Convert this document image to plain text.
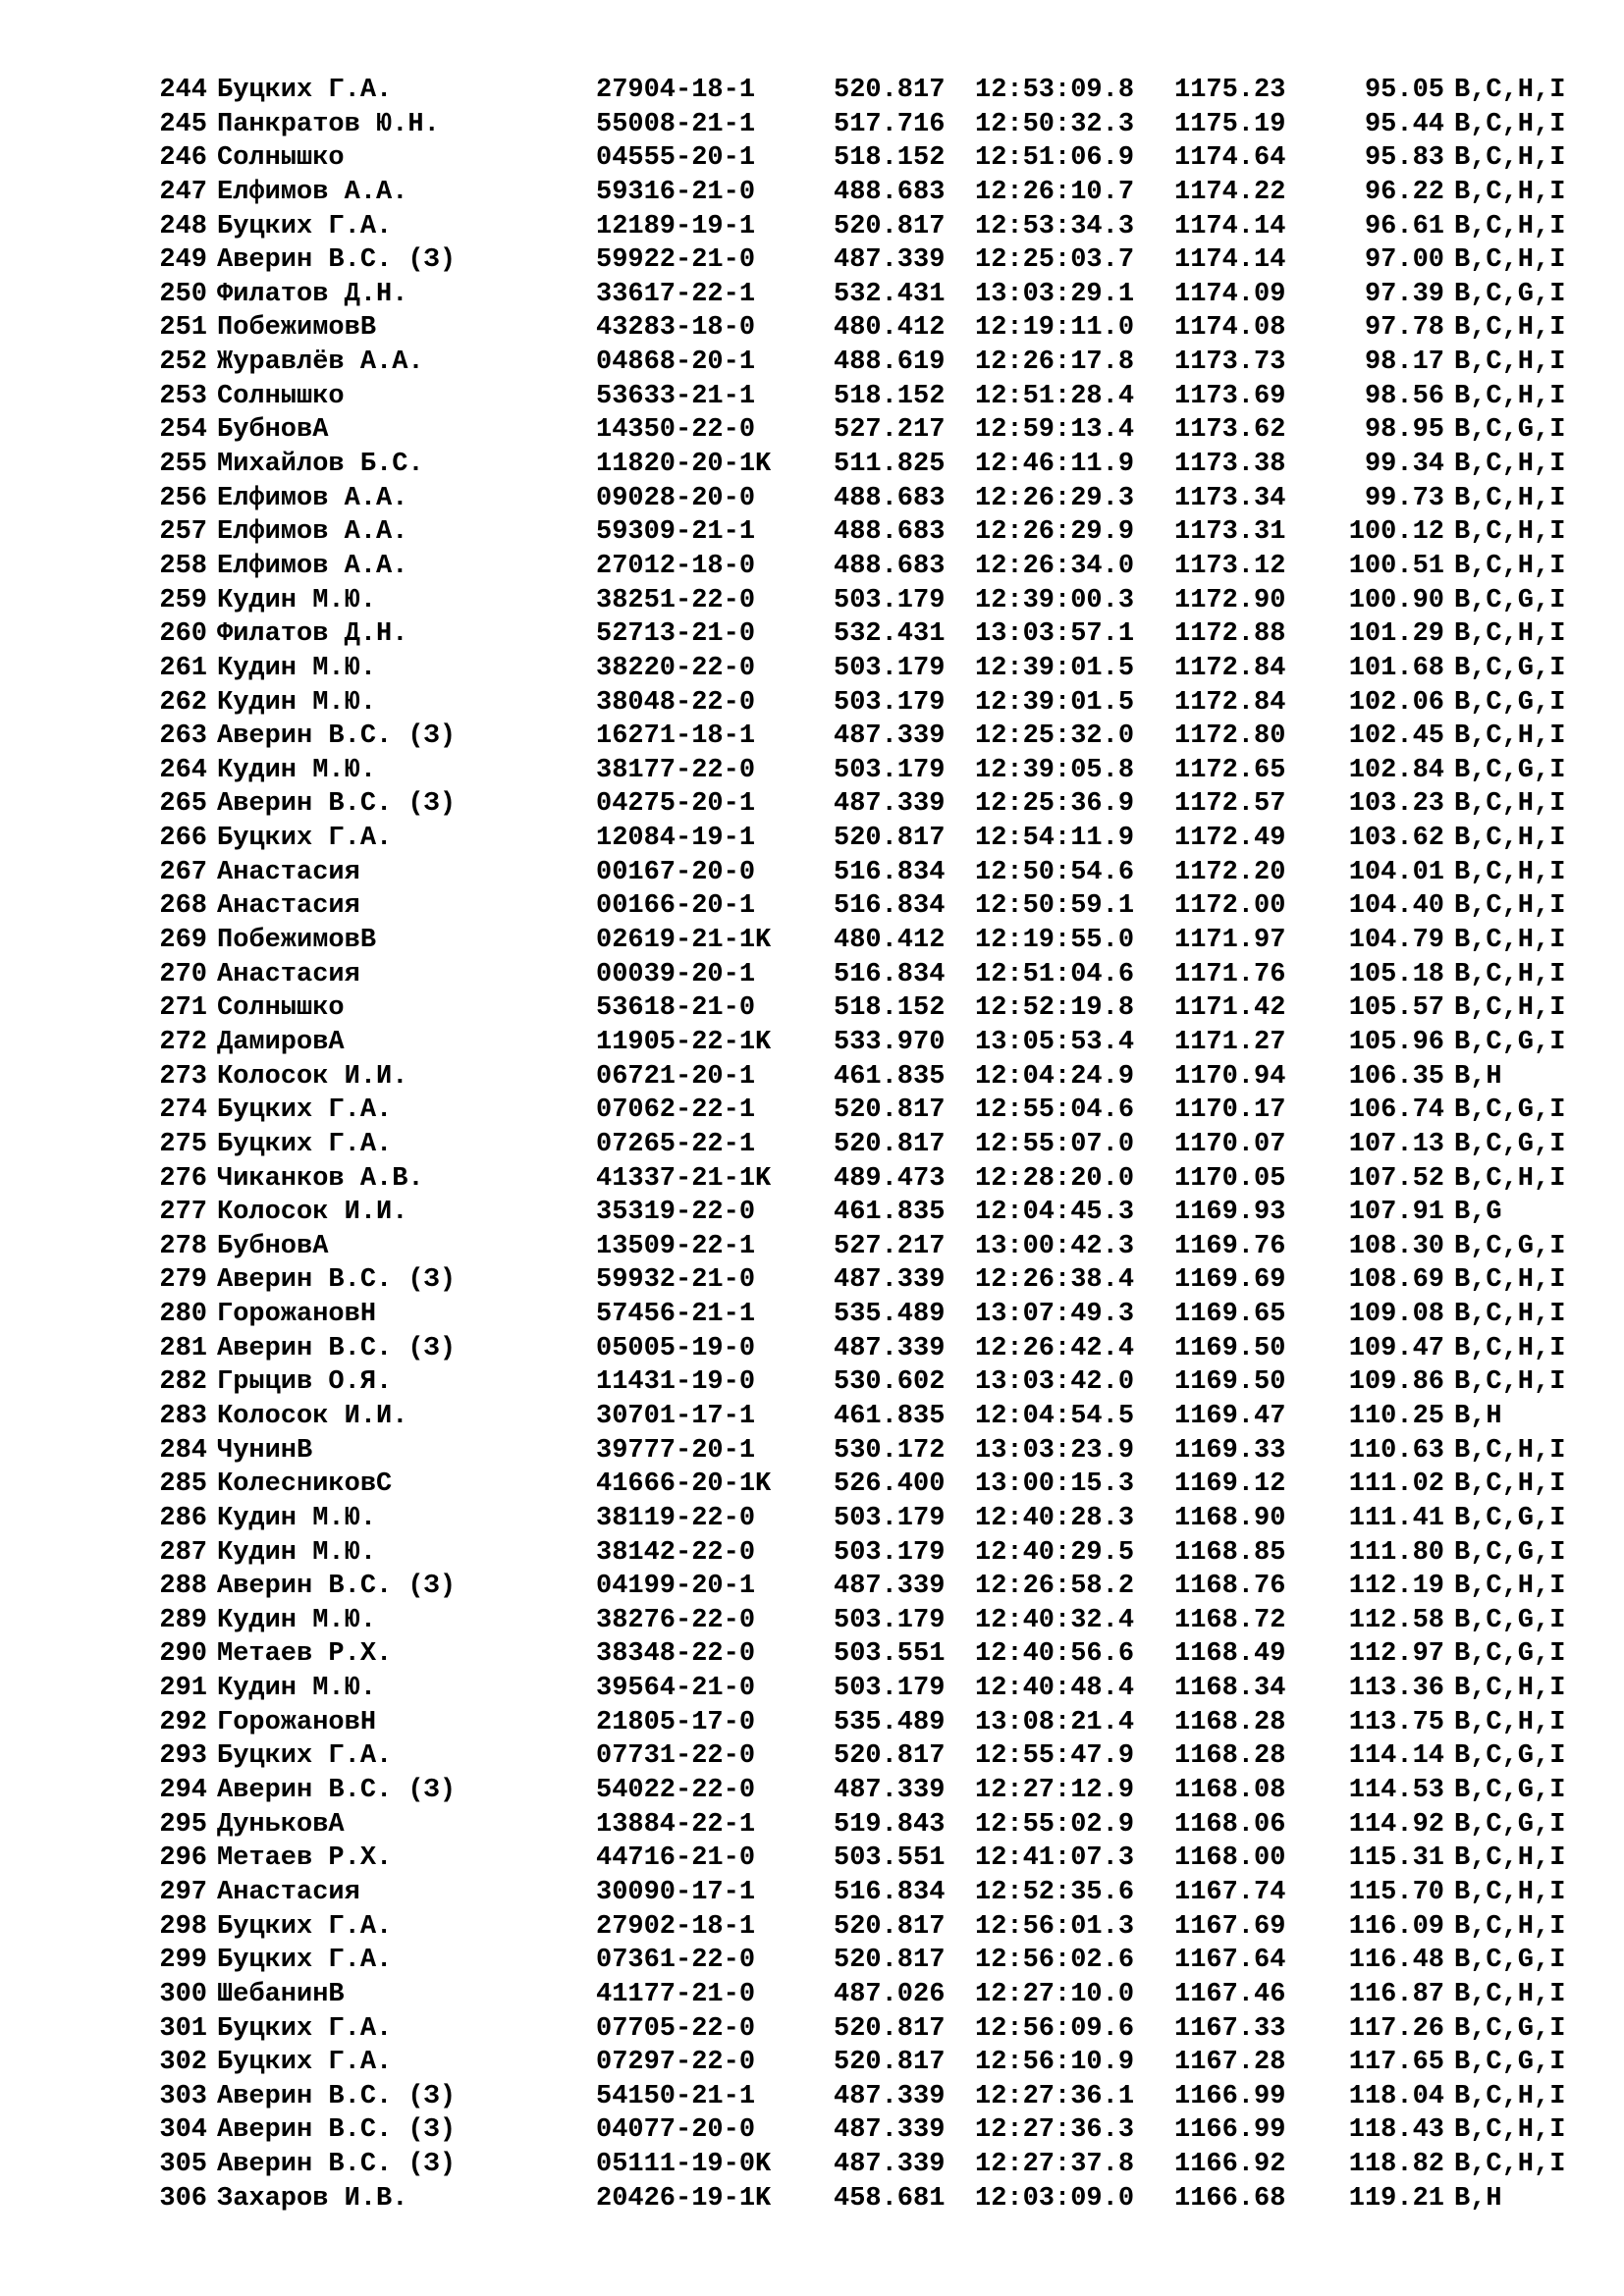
244 Буцких Г.А.	27904-18-1	520.817 12:53:09.8 1175.23	95.05 B,C,H,I
245 Панкратов Ю.Н.	55008-21-1	517.716 12:50:32.3 1175.19	95.44 B,C,H,I
246 Солнышко	04555-20-1	518.152 12:51:06.9 1174.64	95.83 B,C,H,I
247 Елфимов А.А.	59316-21-0	488.683 12:26:10.7 1174.22	96.22 B,C,H,I
248 Буцких Г.А.	12189-19-1	520.817 12:53:34.3 1174.14	96.61 B,C,H,I
249 Аверин В.С. (З)	59922-21-0	487.339 12:25:03.7 1174.14	97.00 B,C,H,I
250 Филатов Д.Н.	33617-22-1	532.431 13:03:29.1 1174.09	97.39 B,C,G,I
251 ПобежимовВ	43283-18-0	480.412 12:19:11.0 1174.08	97.78 B,C,H,I
252 Журавлёв А.А.	04868-20-1	488.619 12:26:17.8 1173.73	98.17 B,C,H,I
253 Солнышко	53633-21-1	518.152 12:51:28.4 1173.69	98.56 B,C,H,I
254 БубновА	14350-22-0	527.217 12:59:13.4 1173.62	98.95 B,C,G,I
255 Михайлов Б.С.	11820-20-1K 511.825 12:46:11.9 1173.38	99.34 B,C,H,I
256 Елфимов А.А.	09028-20-0	488.683 12:26:29.3 1173.34	99.73 B,C,H,I
257 Елфимов А.А.	59309-21-1	488.683 12:26:29.9 1173.31	100.12 B,C,H,I
258 Елфимов А.А.	27012-18-0	488.683 12:26:34.0 1173.12	100.51 B,C,H,I
259 Кудин М.Ю.	38251-22-0	503.179 12:39:00.3 1172.90	100.90 B,C,G,I
260 Филатов Д.Н.	52713-21-0	532.431 13:03:57.1 1172.88	101.29 B,C,H,I
261 Кудин М.Ю.	38220-22-0	503.179 12:39:01.5 1172.84	101.68 B,C,G,I
262 Кудин М.Ю.	38048-22-0	503.179 12:39:01.5 1172.84	102.06 B,C,G,I
263 Аверин В.С. (З)	16271-18-1	487.339 12:25:32.0 1172.80	102.45 B,C,H,I
264 Кудин М.Ю.	38177-22-0	503.179 12:39:05.8 1172.65	102.84 B,C,G,I
265 Аверин В.С. (З)	04275-20-1	487.339 12:25:36.9 1172.57	103.23 B,C,H,I
266 Буцких Г.А.	12084-19-1	520.817 12:54:11.9 1172.49	103.62 B,C,H,I
267 Анастасия	00167-20-0	516.834 12:50:54.6 1172.20	104.01 B,C,H,I
268 Анастасия	00166-20-1	516.834 12:50:59.1 1172.00	104.40 B,C,H,I
269 ПобежимовВ	02619-21-1K 480.412 12:19:55.0 1171.97	104.79 B,C,H,I
270 Анастасия	00039-20-1	516.834 12:51:04.6 1171.76	105.18 B,C,H,I
271 Солнышко	53618-21-0	518.152 12:52:19.8 1171.42	105.57 B,C,H,I
272 ДамировА	11905-22-1K 533.970 13:05:53.4 1171.27	105.96 B,C,G,I
273 Колосок И.И.	06721-20-1	461.835 12:04:24.9 1170.94	106.35 B,H
274 Буцких Г.А.	07062-22-1	520.817 12:55:04.6 1170.17	106.74 B,C,G,I
275 Буцких Г.А.	07265-22-1	520.817 12:55:07.0 1170.07	107.13 B,C,G,I
276 Чиканков А.В.	41337-21-1K 489.473 12:28:20.0 1170.05	107.52 B,C,H,I
277 Колосок И.И.	35319-22-0	461.835 12:04:45.3 1169.93	107.91 B,G
278 БубновА	13509-22-1	527.217 13:00:42.3 1169.76	108.30 B,C,G,I
279 Аверин В.С. (З)	59932-21-0	487.339 12:26:38.4 1169.69	108.69 B,C,H,I
280 ГорожановН	57456-21-1	535.489 13:07:49.3 1169.65	109.08 B,C,H,I
281 Аверин В.С. (З)	05005-19-0	487.339 12:26:42.4 1169.50	109.47 B,C,H,I
282 Грыцив О.Я.	11431-19-0	530.602 13:03:42.0 1169.50	109.86 B,C,H,I
283 Колосок И.И.	30701-17-1	461.835 12:04:54.5 1169.47	110.25 B,H
284 ЧунинВ	39777-20-1	530.172 13:03:23.9 1169.33	110.63 B,C,H,I
285 КолесниковС	41666-20-1K 526.400 13:00:15.3 1169.12	111.02 B,C,H,I
286 Кудин М.Ю.	38119-22-0	503.179 12:40:28.3 1168.90	111.41 B,C,G,I
287 Кудин М.Ю.	38142-22-0	503.179 12:40:29.5 1168.85	111.80 B,C,G,I
288 Аверин В.С. (З)	04199-20-1	487.339 12:26:58.2 1168.76	112.19 B,C,H,I
289 Кудин М.Ю.	38276-22-0	503.179 12:40:32.4 1168.72	112.58 B,C,G,I
290 Метаев Р.Х.	38348-22-0	503.551 12:40:56.6 1168.49	112.97 B,C,G,I
291 Кудин М.Ю.	39564-21-0	503.179 12:40:48.4 1168.34	113.36 B,C,H,I
292 ГорожановН	21805-17-0	535.489 13:08:21.4 1168.28	113.75 B,C,H,I
293 Буцких Г.А.	07731-22-0	520.817 12:55:47.9 1168.28	114.14 B,C,G,I
294 Аверин В.С. (З)	54022-22-0	487.339 12:27:12.9 1168.08	114.53 B,C,G,I
295 ДуньковА	13884-22-1	519.843 12:55:02.9 1168.06	114.92 B,C,G,I
296 Метаев Р.Х.	44716-21-0	503.551 12:41:07.3 1168.00	115.31 B,C,H,I
297 Анастасия	30090-17-1	516.834 12:52:35.6 1167.74	115.70 B,C,H,I
298 Буцких Г.А.	27902-18-1	520.817 12:56:01.3 1167.69	116.09 B,C,H,I
299 Буцких Г.А.	07361-22-0	520.817 12:56:02.6 1167.64	116.48 B,C,G,I
300 ШебанинВ	41177-21-0	487.026 12:27:10.0 1167.46	116.87 B,C,H,I
301 Буцких Г.А.	07705-22-0	520.817 12:56:09.6 1167.33	117.26 B,C,G,I
302 Буцких Г.А.	07297-22-0	520.817 12:56:10.9 1167.28	117.65 B,C,G,I
303 Аверин В.С. (З)	54150-21-1	487.339 12:27:36.1 1166.99	118.04 B,C,H,I
304 Аверин В.С. (З)	04077-20-0	487.339 12:27:36.3 1166.99	118.43 B,C,H,I
305 Аверин В.С. (З)	05111-19-0K 487.339 12:27:37.8 1166.92	118.82 B,C,H,I
306 Захаров И.В.	20426-19-1K 458.681 12:03:09.0 1166.68	119.21 B,H
